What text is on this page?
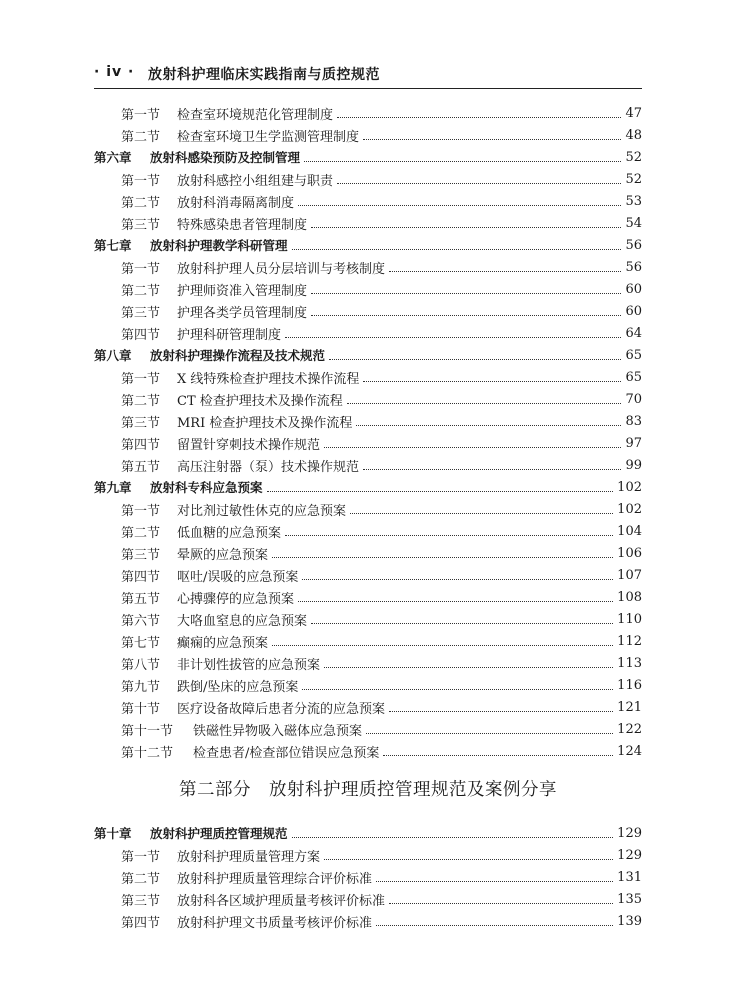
· iv · 放射科护理临床实践指南与质控规范
第一节	检查室环境规范化管理制度	47
第二节	检查室环境卫生学监测管理制度	48
第六章	放射科感染预防及控制管理	52
第一节	放射科感控小组组建与职责	52
第二节	放射科消毒隔离制度	53
第三节	特殊感染患者管理制度	54
第七章	放射科护理教学科研管理	56
第一节	放射科护理人员分层培训与考核制度	56
第二节	护理师资准入管理制度	60
第三节	护理各类学员管理制度	60
第四节	护理科研管理制度	64
第八章	放射科护理操作流程及技术规范	65
第一节	X 线特殊检查护理技术操作流程	65
第二节	CT 检查护理技术及操作流程	70
第三节	MRI 检查护理技术及操作流程	83
第四节	留置针穿刺技术操作规范	97
第五节	高压注射器（泵）技术操作规范	99
第九章	放射科专科应急预案	102
第一节	对比剂过敏性休克的应急预案	102
第二节	低血糖的应急预案	104
第三节	晕厥的应急预案	106
第四节	呕吐/误吸的应急预案	107
第五节	心搏骤停的应急预案	108
第六节	大咯血窒息的应急预案	110
第七节	癫痫的应急预案	112
第八节	非计划性拔管的应急预案	113
第九节	跌倒/坠床的应急预案	116
第十节	医疗设备故障后患者分流的应急预案	121
第十一节	铁磁性异物吸入磁体应急预案	122
第十二节	检查患者/检查部位错误应急预案	124
第二部分 放射科护理质控管理规范及案例分享
第十章	放射科护理质控管理规范	129
第一节	放射科护理质量管理方案	129
第二节	放射科护理质量管理综合评价标准	131
第三节	放射科各区域护理质量考核评价标准	135
第四节	放射科护理文书质量考核评价标准	139
